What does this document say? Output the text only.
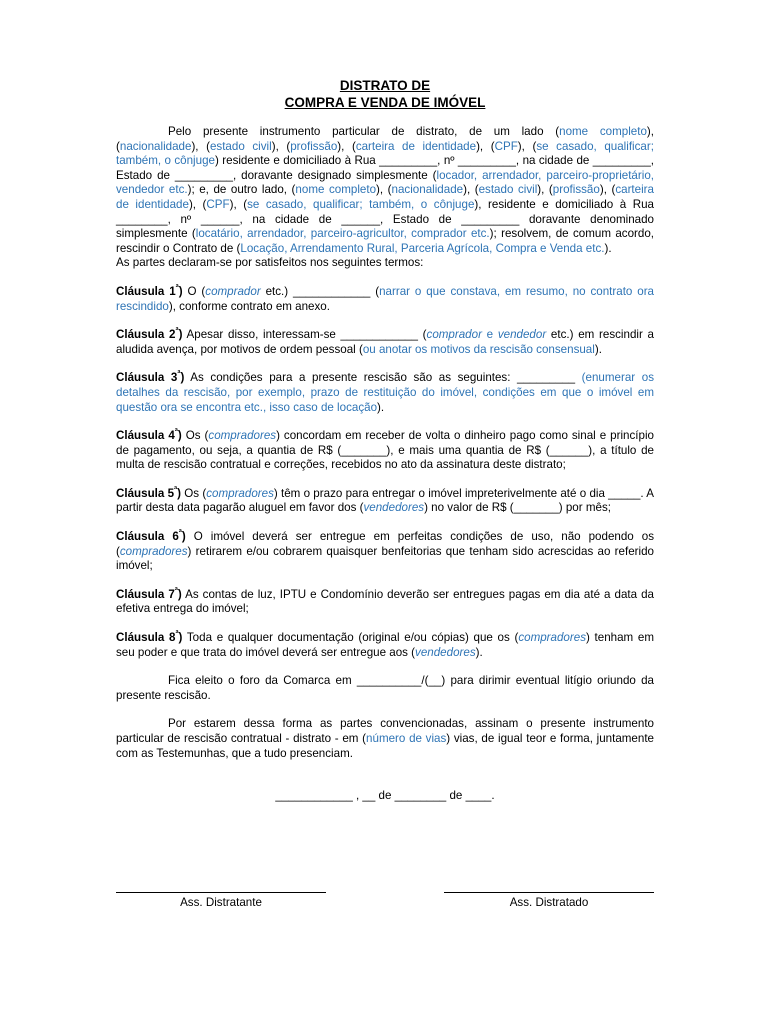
DISTRATO DE
COMPRA E VENDA DE IMÓVEL

Pelo presente instrumento particular de distrato, de um lado (nome completo), (nacionalidade), (estado civil), (profissão), (carteira de identidade), (CPF), (se casado, qualificar; também, o cônjuge) residente e domiciliado à Rua _________, nº _________, na cidade de _________, Estado de _________, doravante designado simplesmente (locador, arrendador, parceiro-proprietário, vendedor etc.); e, de outro lado, (nome completo), (nacionalidade), (estado civil), (profissão), (carteira de identidade), (CPF), (se casado, qualificar; também, o cônjuge), residente e domiciliado à Rua ________, nº ______, na cidade de ______, Estado de _________ doravante denominado simplesmente (locatário, arrendador, parceiro-agricultor, comprador etc.); resolvem, de comum acordo, rescindir o Contrato de (Locação, Arrendamento Rural, Parceria Agrícola, Compra e Venda etc.).

As partes declaram-se por satisfeitos nos seguintes termos:

Cláusula $1^ª$) O (comprador etc.) ____________ (narrar o que constava, em resumo, no contrato ora rescindido), conforme contrato em anexo.

Cláusula $2^ª$) Apesar disso, interessam-se ____________ (comprador e vendedor etc.) em rescindir a aludida avença, por motivos de ordem pessoal (ou anotar os motivos da rescisão consensual).

Cláusula $3^ª$) As condições para a presente rescisão são as seguintes: _________ (enumerar os detalhes da rescisão, por exemplo, prazo de restituição do imóvel, condições em que o imóvel em questão ora se encontra etc., isso caso de locação).

Cláusula $4^ª$) Os (compradores) concordam em receber de volta o dinheiro pago como sinal e princípio de pagamento, ou seja, a quantia de R$ (_______), e mais uma quantia de R$ (______), a título de multa de rescisão contratual e correções, recebidos no ato da assinatura deste distrato;

Cláusula $5^ª$) Os (compradores) têm o prazo para entregar o imóvel impreterivelmente até o dia _____. A partir desta data pagarão aluguel em favor dos (vendedores) no valor de R$ (_______) por mês;

Cláusula $6^ª$) O imóvel deverá ser entregue em perfeitas condições de uso, não podendo os (compradores) retirarem e/ou cobrarem quaisquer benfeitorias que tenham sido acrescidas ao referido imóvel;

Cláusula $7^ª$) As contas de luz, IPTU e Condomínio deverão ser entregues pagas em dia até a data da efetiva entrega do imóvel;

Cláusula $8^ª$) Toda e qualquer documentação (original e/ou cópias) que os (compradores) tenham em seu poder e que trata do imóvel deverá ser entregue aos (vendedores).

Fica eleito o foro da Comarca em __________/(__) para dirimir eventual litígio oriundo da presente rescisão.

Por estarem dessa forma as partes convencionadas, assinam o presente instrumento particular de rescisão contratual - distrato - em (número de vias) vias, de igual teor e forma, juntamente com as Testemunhas, que a tudo presenciam.

____________ , __ de ________ de ____.

Ass. Distratante	Ass. Distratado
